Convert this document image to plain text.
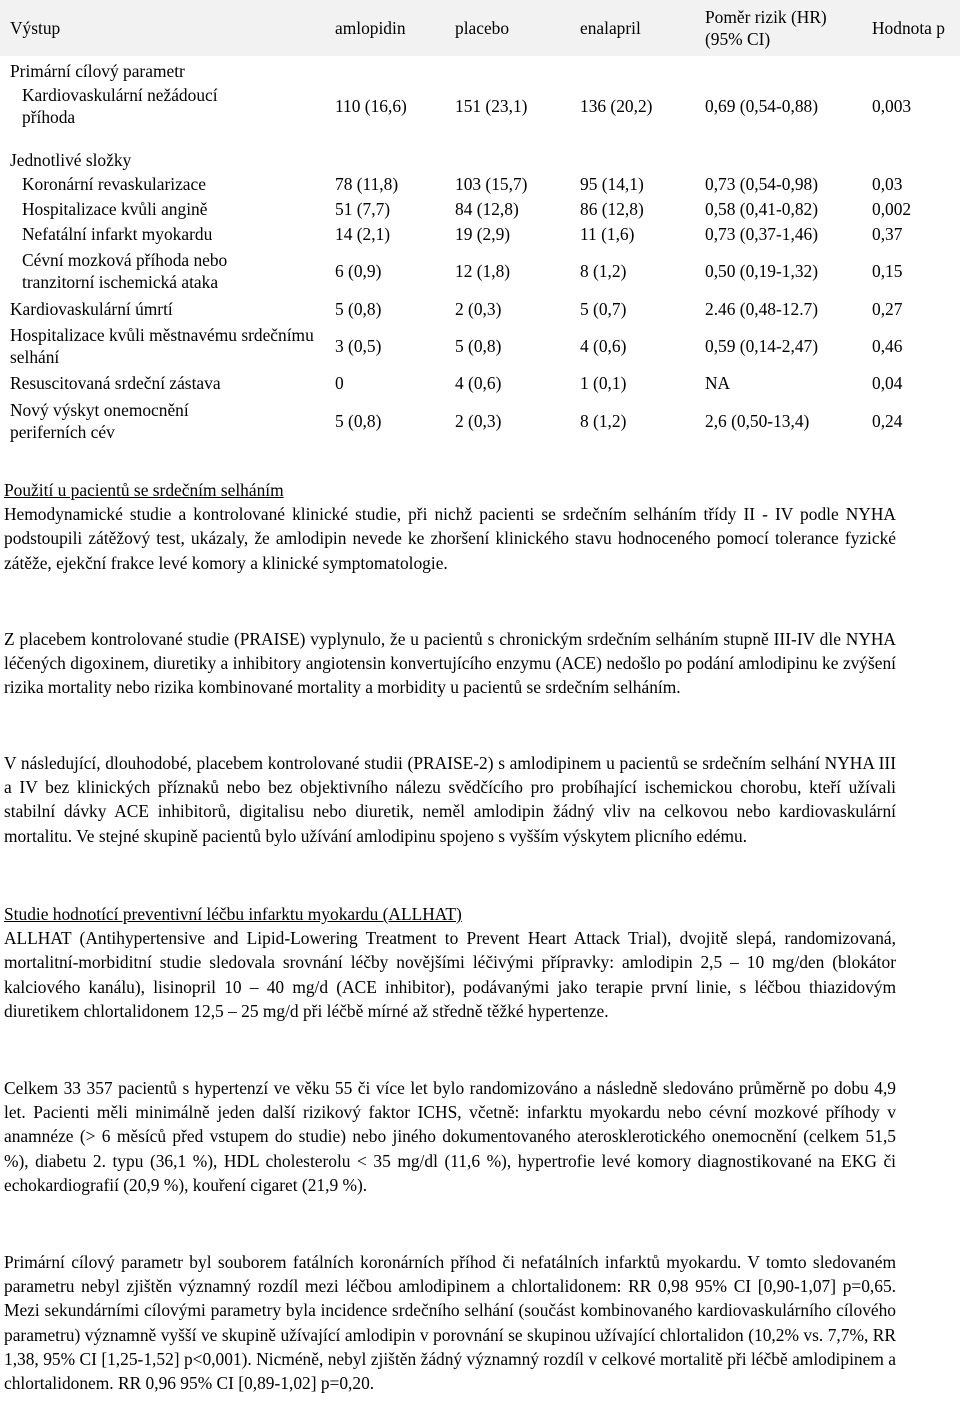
Výstup	amlopidin	placebo	enalapril	Poměr rizik (HR) (95% CI)	Hodnota p
Primární cílový parametr					
Kardiovaskulární nežádoucí příhoda	110 (16,6)	151 (23,1)	136 (20,2)	0,69 (0,54-0,88)	0,003

Jednotlivé složky					
Koronární revaskularizace	78 (11,8)	103 (15,7)	95 (14,1)	0,73 (0,54-0,98)	0,03
Hospitalizace kvůli angině	51 (7,7)	84 (12,8)	86 (12,8)	0,58 (0,41-0,82)	0,002
Nefatální infarkt myokardu	14 (2,1)	19 (2,9)	11 (1,6)	0,73 (0,37-1,46)	0,37
Cévní mozková příhoda nebo tranzitorní ischemická ataka	6 (0,9)	12 (1,8)	8 (1,2)	0,50 (0,19-1,32)	0,15
Kardiovaskulární úmrtí	5 (0,8)	2 (0,3)	5 (0,7)	2.46 (0,48-12.7)	0,27
Hospitalizace kvůli městnavému srdečnímu selhání	3 (0,5)	5 (0,8)	4 (0,6)	0,59 (0,14-2,47)	0,46
Resuscitovaná srdeční zástava	0	4 (0,6)	1 (0,1)	NA	0,04
Nový výskyt onemocnění periferních cév	5 (0,8)	2 (0,3)	8 (1,2)	2,6 (0,50-13,4)	0,24

Použití u pacientů se srdečním selháním

Hemodynamické studie a kontrolované klinické studie, při nichž pacienti se srdečním selháním třídy II - IV podle NYHA podstoupili zátěžový test, ukázaly, že amlodipin nevede ke zhoršení klinického stavu hodnoceného pomocí tolerance fyzické zátěže, ejekční frakce levé komory a klinické symptomatologie.

Z placebem kontrolované studie (PRAISE) vyplynulo, že u pacientů s chronickým srdečním selháním stupně III-IV dle NYHA léčených digoxinem, diuretiky a inhibitory angiotensin konvertujícího enzymu (ACE) nedošlo po podání amlodipinu ke zvýšení rizika mortality nebo rizika kombinované mortality a morbidity u pacientů se srdečním selháním.

V následující, dlouhodobé, placebem kontrolované studii (PRAISE-2) s amlodipinem u pacientů se srdečním selhání NYHA III a IV bez klinických příznaků nebo bez objektivního nálezu svědčícího pro probíhající ischemickou chorobu, kteří užívali stabilní dávky ACE inhibitorů, digitalisu nebo diuretik, neměl amlodipin žádný vliv na celkovou nebo kardiovaskulární mortalitu. Ve stejné skupině pacientů bylo užívání amlodipinu spojeno s vyšším výskytem plicního edému.

Studie hodnotící preventivní léčbu infarktu myokardu (ALLHAT)

ALLHAT (Antihypertensive and Lipid-Lowering Treatment to Prevent Heart Attack Trial), dvojitě slepá, randomizovaná, mortalitní-morbiditní studie sledovala srovnání léčby novějšími léčivými přípravky: amlodipin 2,5 – 10 mg/den (blokátor kalciového kanálu), lisinopril 10 – 40 mg/d (ACE inhibitor), podávanými jako terapie první linie, s léčbou thiazidovým diuretikem chlortalidonem 12,5 – 25 mg/d při léčbě mírné až středně těžké hypertenze.

Celkem 33 357 pacientů s hypertenzí ve věku 55 či více let bylo randomizováno a následně sledováno průměrně po dobu 4,9 let. Pacienti měli minimálně jeden další rizikový faktor ICHS, včetně: infarktu myokardu nebo cévní mozkové příhody v anamnéze (> 6 měsíců před vstupem do studie) nebo jiného dokumentovaného aterosklerotického onemocnění (celkem 51,5 %), diabetu 2. typu (36,1 %), HDL cholesterolu < 35 mg/dl (11,6 %), hypertrofie levé komory diagnostikované na EKG či echokardiografií (20,9 %), kouření cigaret (21,9 %).

Primární cílový parametr byl souborem fatálních koronárních příhod či nefatálních infarktů myokardu. V tomto sledovaném parametru nebyl zjištěn významný rozdíl mezi léčbou amlodipinem a chlortalidonem: RR 0,98 95% CI [0,90-1,07] p=0,65. Mezi sekundárními cílovými parametry byla incidence srdečního selhání (součást kombinovaného kardiovaskulárního cílového parametru) významně vyšší ve skupině užívající amlodipin v porovnání se skupinou užívající chlortalidon (10,2% vs. 7,7%, RR 1,38, 95% CI [1,25-1,52] p<0,001). Nicméně, nebyl zjištěn žádný významný rozdíl v celkové mortalitě při léčbě amlodipinem a chlortalidonem. RR 0,96 95% CI [0,89-1,02] p=0,20.
